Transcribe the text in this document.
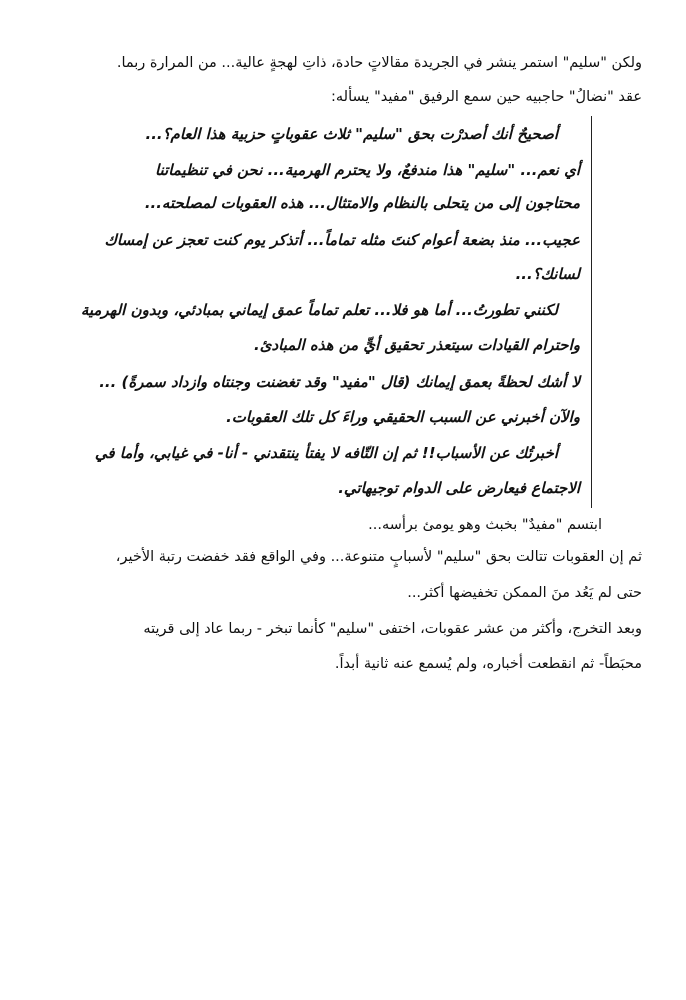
ولكن "سليم" استمر ينشر في الجريدة مقالاتٍ حادة، ذاتِ لهجةٍ عالية... من المرارة ربما.

عقد "نضالُ" حاجبيه حين سمع الرفيق "مفيد" يسأله:

أصحيحٌ أنك أصدرْت بحق "سليم" ثلاث عقوباتٍ حزبية هذا العام؟...

أي نعم... "سليم" هذا مندفعٌ، ولا يحترم الهرمية... نحن في تنظيماتنا

محتاجون إلى من يتحلى بالنظام والامتثال... هذه العقوبات لمصلحته...

عجيب... منذ بضعة أعوام كنتَ مثله تماماً... أتذكر يوم كنت تعجز عن إمساك

لسانك؟...

لكنني تطورتُ... أما هو فلا... تعلم تماماً عمق إيماني بمبادئي، وبدون الهرمية

واحترام القيادات سيتعذر تحقيق أيٍّ من هذه المبادئ.

لا أشك لحظةً بعمق إيمانك (قال "مفيد" وقد تغضنت وجنتاه وازداد سمرةً) ...

والآن أخبرني عن السبب الحقيقي وراءَ كل تلك العقوبات.

أخبرتُك عن الأسباب!! ثم إن التّافه لا يفتأ ينتقدني - أنا- في غيابي، وأما في

الاجتماع فيعارض على الدوام توجيهاتي.

ابتسم "مفيدٌ" بخبث وهو يومئ برأسه...

ثم إن العقوبات تتالت بحق "سليم" لأسبابٍ متنوعة... وفي الواقع فقد خفضت رتبة الأخير،

حتى لم يَعُد منَ الممكن تخفيضها أكثر...

وبعد التخرج، وأكثر من عشر عقوبات، اختفى "سليم" كأنما تبخر - ربما عاد إلى قريته

محبَطاً- ثم انقطعت أخباره، ولم يُسمع عنه ثانية أبداً.
